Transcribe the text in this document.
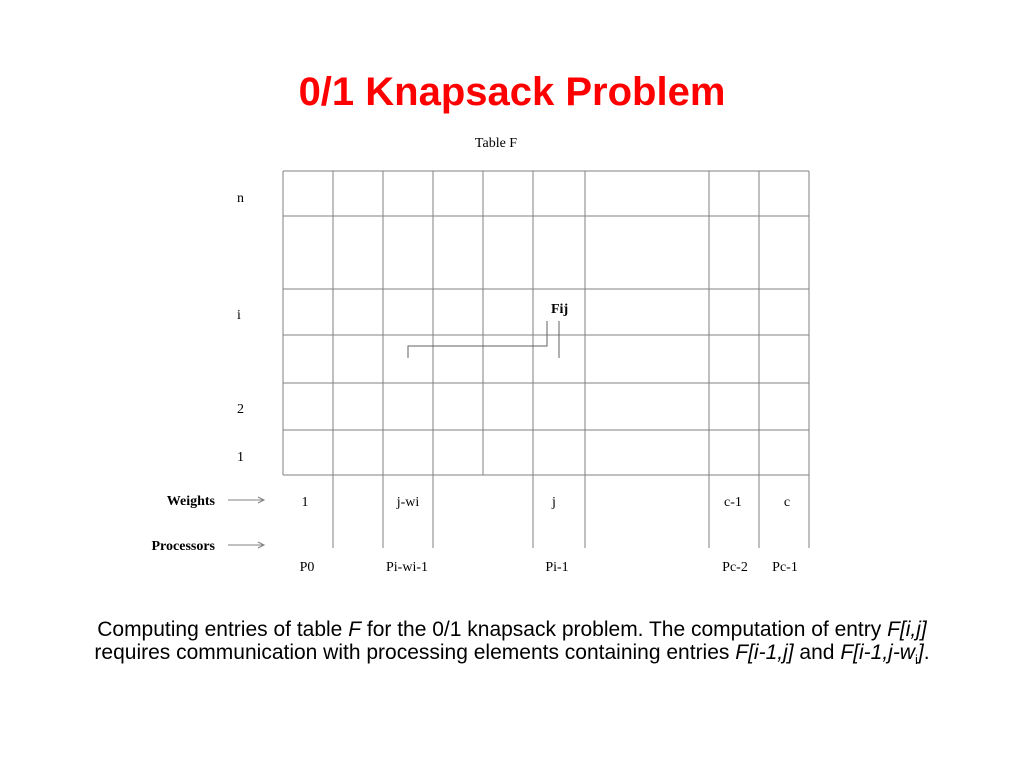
0/1 Knapsack Problem
Table F
n
i
2
1
Fij
Weights
Processors
1	j-wi	j	c-1	c
P0	Pi-wi-1	Pi-1	Pc-2 Pc-1
Computing entries of table F for the 0/1 knapsack problem. The computation of entry F[i,j] requires communication with processing elements containing entries F[i-1,j] and $F[i-1,j-w_i]$.
